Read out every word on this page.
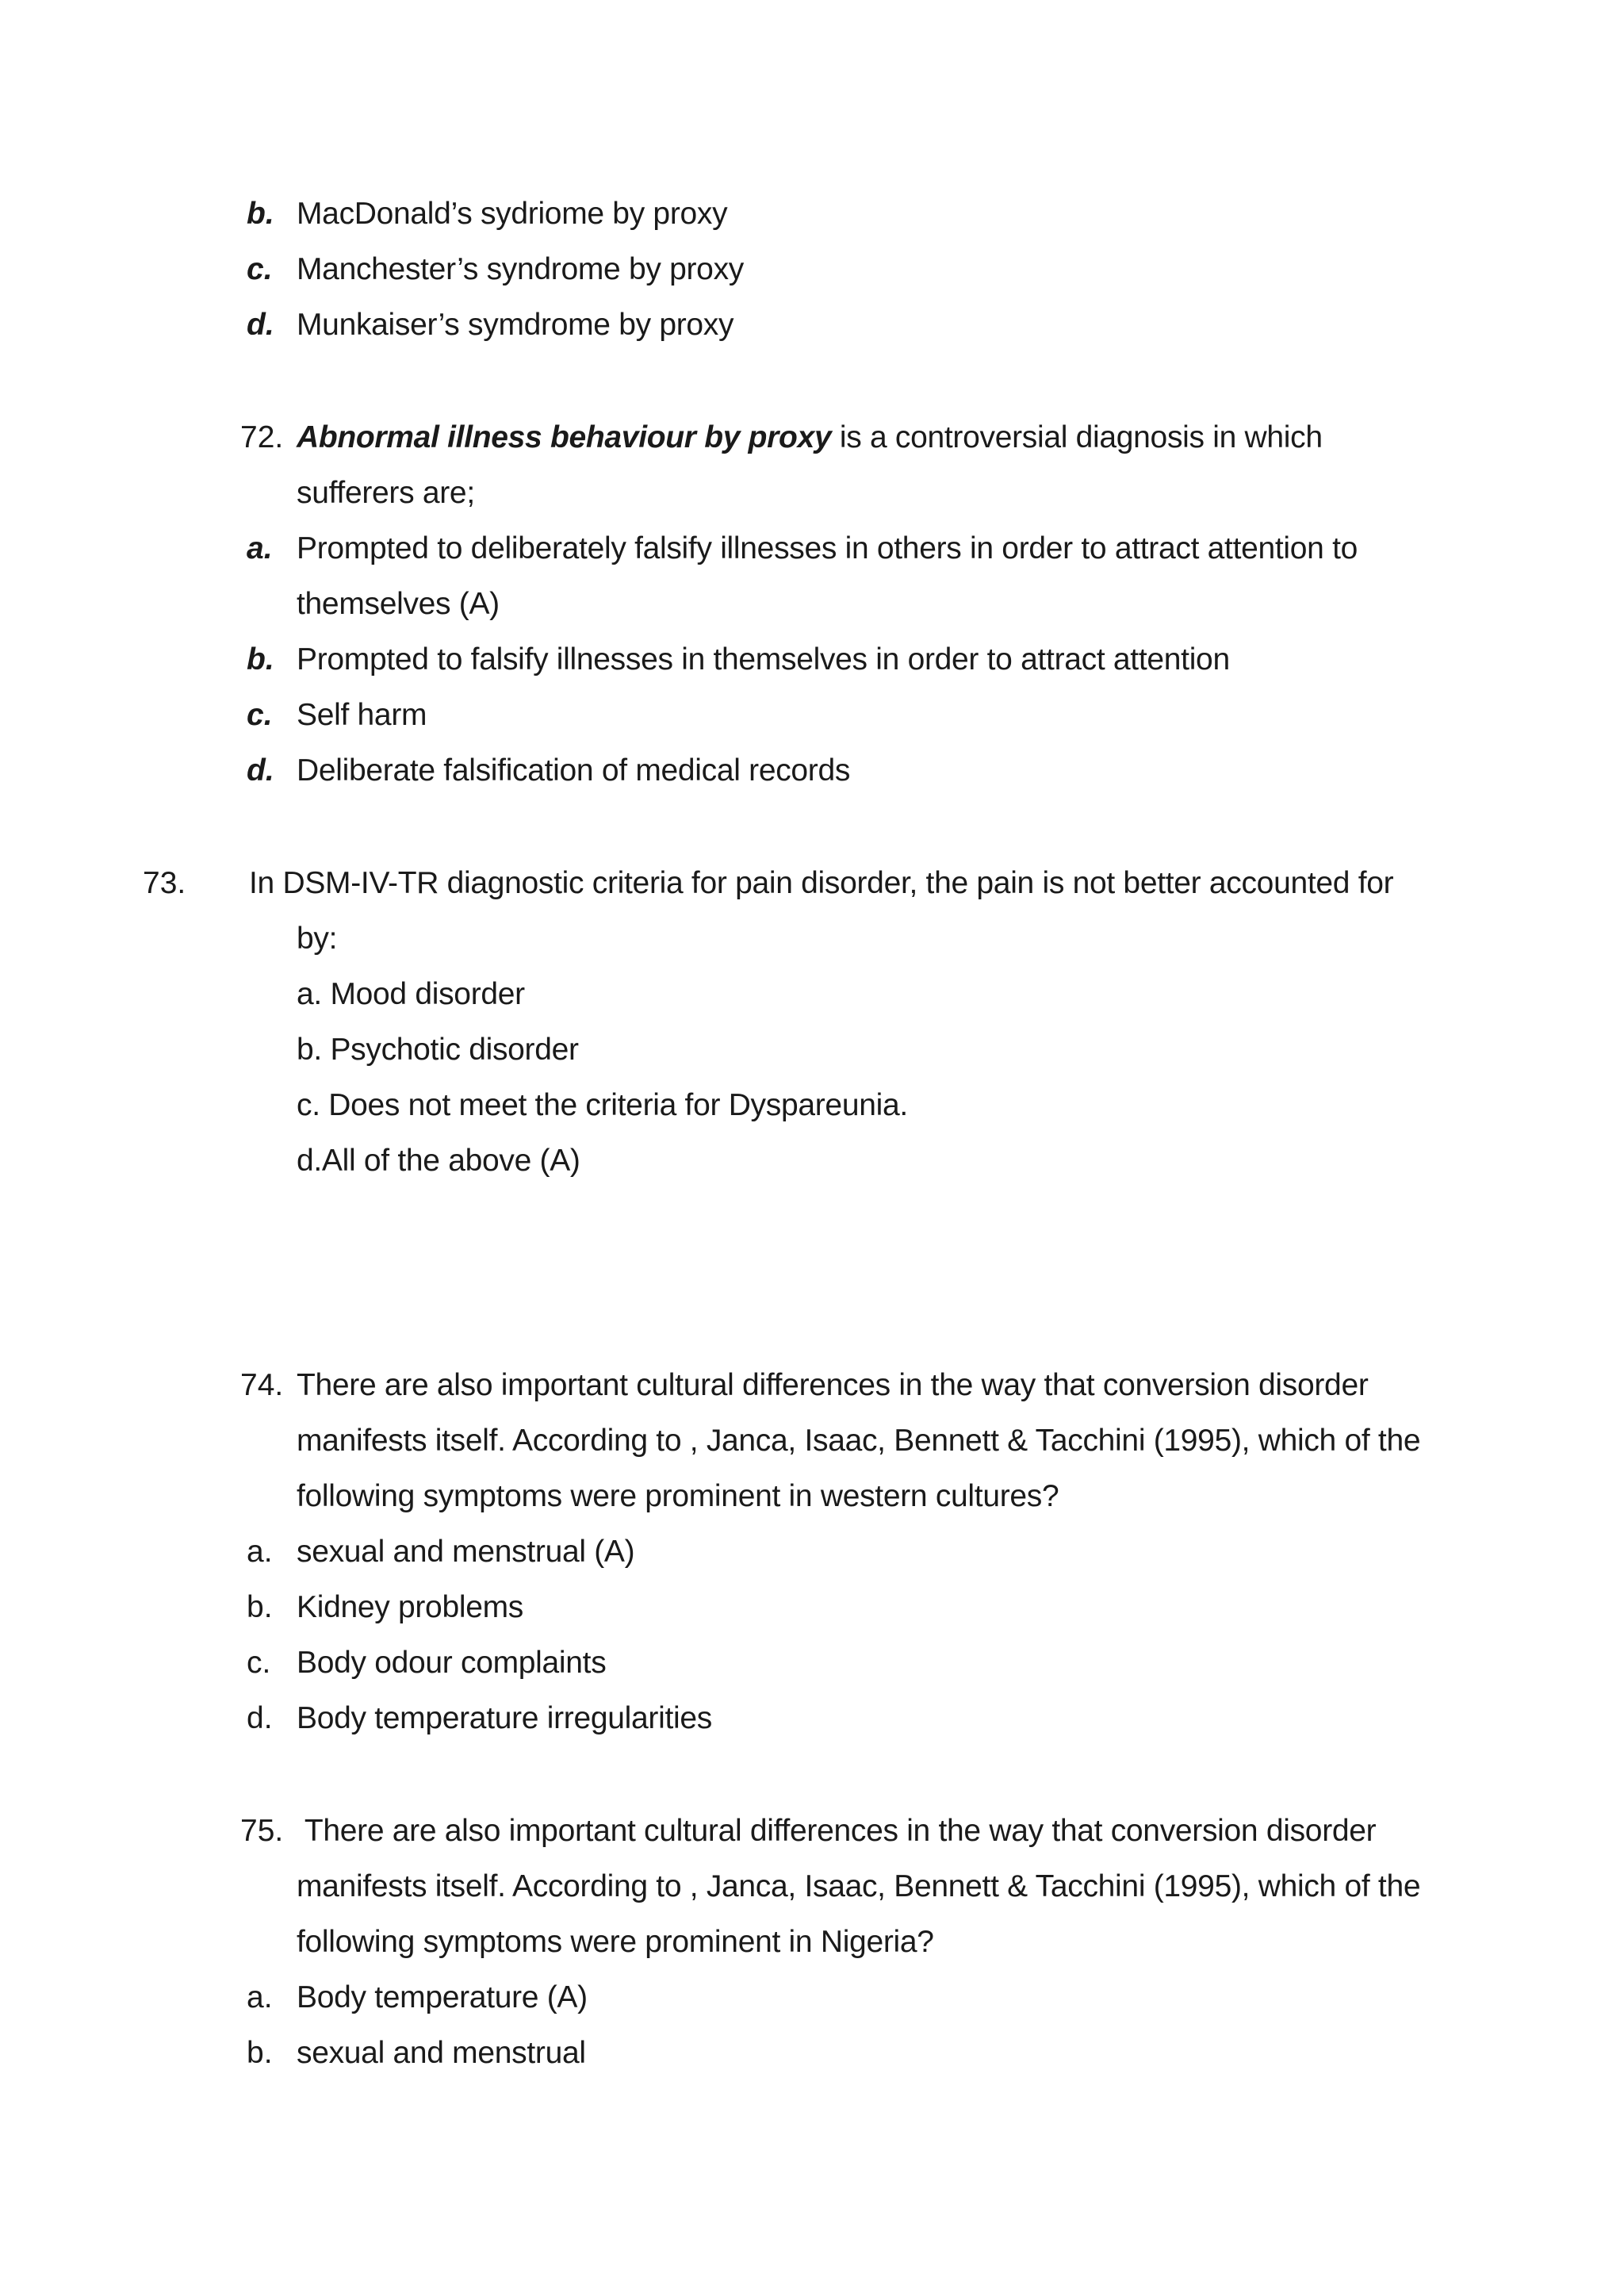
b. MacDonald’s sydriome by proxy
c. Manchester’s syndrome by proxy
d. Munkaiser’s symdrome by proxy
72. Abnormal illness behaviour by proxy is a controversial diagnosis in which
sufferers are;
a. Prompted to deliberately falsify illnesses in others in order to attract attention to
themselves (A)
b. Prompted to falsify illnesses in themselves in order to attract attention
c. Self harm
d. Deliberate falsification of medical records
73. In DSM-IV-TR diagnostic criteria for pain disorder, the pain is not better accounted for
by:
a. Mood disorder
b. Psychotic disorder
c. Does not meet the criteria for Dyspareunia.
d.All of the above (A)
74. There are also important cultural differences in the way that conversion disorder
manifests itself. According to , Janca, Isaac, Bennett & Tacchini (1995), which of the
following symptoms were prominent in western cultures?
a. sexual and menstrual (A)
b. Kidney problems
c. Body odour complaints
d. Body temperature irregularities
75. There are also important cultural differences in the way that conversion disorder
manifests itself. According to , Janca, Isaac, Bennett & Tacchini (1995), which of the
following symptoms were prominent in Nigeria?
a. Body temperature (A)
b. sexual and menstrual
